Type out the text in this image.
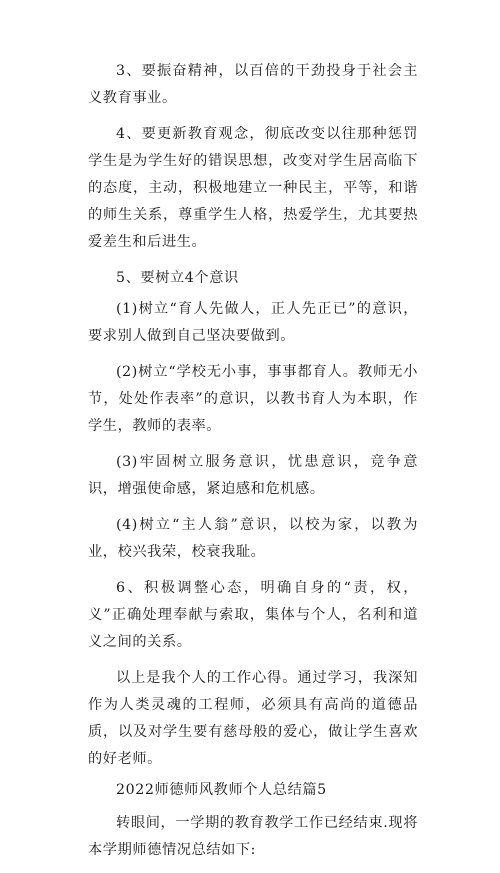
3、要振奋精神，以百倍的干劲投身于社会主义教育事业。

4、要更新教育观念，彻底改变以往那种惩罚学生是为学生好的错误思想，改变对学生居高临下的态度，主动，积极地建立一种民主，平等，和谐的师生关系，尊重学生人格，热爱学生，尤其要热爱差生和后进生。

5、要树立4个意识

(1)树立“育人先做人，正人先正已”的意识，要求别人做到自己坚决要做到。

(2)树立“学校无小事，事事都育人。教师无小节，处处作表率”的意识，以教书育人为本职，作学生，教师的表率。

(3)牢固树立服务意识，忧患意识，竞争意识，增强使命感，紧迫感和危机感。

(4)树立“主人翁”意识，以校为家，以教为业，校兴我荣，校衰我耻。

6、积极调整心态，明确自身的“责，权，义”正确处理奉献与索取，集体与个人，名利和道义之间的关系。

以上是我个人的工作心得。通过学习，我深知作为人类灵魂的工程师，必须具有高尚的道德品质，以及对学生要有慈母般的爱心，做让学生喜欢的好老师。

2022师德师风教师个人总结篇5

转眼间，一学期的教育教学工作已经结束.现将本学期师德情况总结如下:
